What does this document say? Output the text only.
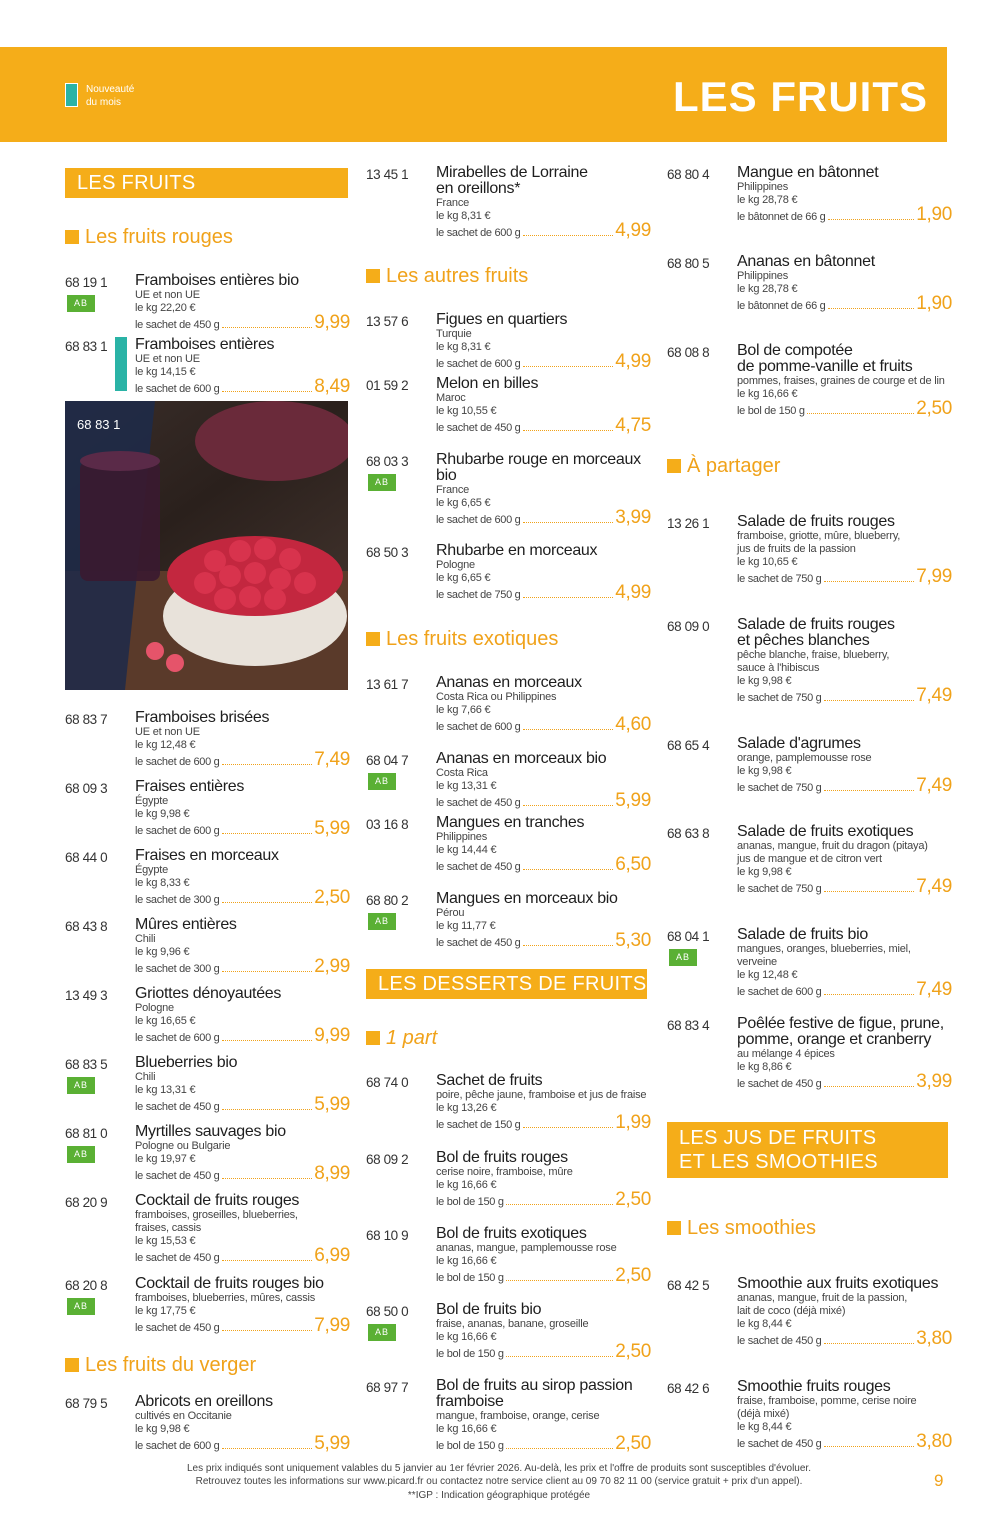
Nouveauté
du mois	LES FRUITS
LES FRUITS
Les fruits rouges
68 19 1
AB
Framboises entières bio
UE et non UE
le kg 22,20 €
le sachet de 450 g	9,99
68 83 1 Framboises entières
UE et non UE
le kg 14,15 €
le sachet de 600 g	8,49
68 83 7 Framboises brisées
UE et non UE
le kg 12,48 €
le sachet de 600 g	7,49
68 09 3 Fraises entières
Égypte
le kg 9,98 €
le sachet de 600 g	5,99
68 44 0 Fraises en morceaux
Égypte
le kg 8,33 €
le sachet de 300 g	2,50
68 43 8 Mûres entières
Chili
le kg 9,96 €
le sachet de 300 g	2,99
13 49 3 Griottes dénoyautées
Pologne
le kg 16,65 €
le sachet de 600 g	9,99
68 83 5
AB
Blueberries bio
Chili
le kg 13,31 €
le sachet de 450 g	5,99
68 81 0
AB
Myrtilles sauvages bio
Pologne ou Bulgarie
le kg 19,97 €
le sachet de 450 g	8,99
68 20 9 Cocktail de fruits rouges
framboises, groseilles, blueberries,
fraises, cassis
le kg 15,53 €
le sachet de 450 g	6,99
68 20 8
AB
Cocktail de fruits rouges bio
framboises, blueberries, mûres, cassis
le kg 17,75 €
le sachet de 450 g	7,99
68 83 1
Les fruits du verger
68 79 5 Abricots en oreillons
cultivés en Occitanie
le kg 9,98 €
le sachet de 600 g	5,99
13 45 1 Mirabelles de Lorraine
en oreillons*
France
le kg 8,31 €
le sachet de 600 g	4,99
Les autres fruits
13 57 6 Figues en quartiers
Turquie
le kg 8,31 €
le sachet de 600 g	4,99
01 59 2 Melon en billes
Maroc
le kg 10,55 €
le sachet de 450 g	4,75
68 03 3
AB
Rhubarbe rouge en morceaux
bio
France
le kg 6,65 €
le sachet de 600 g	3,99
68 50 3 Rhubarbe en morceaux
Pologne
le kg 6,65 €
le sachet de 750 g	4,99
Les fruits exotiques
13 61 7 Ananas en morceaux
Costa Rica ou Philippines
le kg 7,66 €
le sachet de 600 g	4,60
68 04 7
AB
Ananas en morceaux bio
Costa Rica
le kg 13,31 €
le sachet de 450 g	5,99
03 16 8 Mangues en tranches
Philippines
le kg 14,44 €
le sachet de 450 g	6,50
68 80 2
AB
Mangues en morceaux bio
Pérou
le kg 11,77 €
le sachet de 450 g	5,30
LES DESSERTS DE FRUITS
1 part
68 74 0 Sachet de fruits
poire, pêche jaune, framboise et jus de fraise
le kg 13,26 €
le sachet de 150 g	1,99
68 09 2 Bol de fruits rouges
cerise noire, framboise, mûre
le kg 16,66 €
le bol de 150 g	2,50
68 10 9 Bol de fruits exotiques
ananas, mangue, pamplemousse rose
le kg 16,66 €
le bol de 150 g	2,50
68 50 0
AB
Bol de fruits bio
fraise, ananas, banane, groseille
le kg 16,66 €
le bol de 150 g	2,50
68 97 7 Bol de fruits au sirop passion
framboise
mangue, framboise, orange, cerise
le kg 16,66 €
le bol de 150 g	2,50
68 80 4 Mangue en bâtonnet
Philippines
le kg 28,78 €
le bâtonnet de 66 g	1,90
68 80 5 Ananas en bâtonnet
Philippines
le kg 28,78 €
le bâtonnet de 66 g	1,90
68 08 8 Bol de compotée
de pomme-vanille et fruits
pommes, fraises, graines de courge et de lin
le kg 16,66 €
le bol de 150 g	2,50
À partager
13 26 1 Salade de fruits rouges
framboise, griotte, mûre, blueberry,
jus de fruits de la passion
le kg 10,65 €
le sachet de 750 g	7,99
68 09 0 Salade de fruits rouges
et pêches blanches
pêche blanche, fraise, blueberry,
sauce à l'hibiscus
le kg 9,98 €
le sachet de 750 g	7,49
68 65 4 Salade d'agrumes
orange, pamplemousse rose
le kg 9,98 €
le sachet de 750 g	7,49
68 63 8 Salade de fruits exotiques
ananas, mangue, fruit du dragon (pitaya)
jus de mangue et de citron vert
le kg 9,98 €
le sachet de 750 g	7,49
68 04 1
AB
Salade de fruits bio
mangues, oranges, blueberries, miel, verveine
le kg 12,48 €
le sachet de 600 g	7,49
68 83 4 Poêlée festive de figue, prune,
pomme, orange et cranberry
au mélange 4 épices
le kg 8,86 €
le sachet de 450 g	3,99
LES JUS DE FRUITS
ET LES SMOOTHIES
Les smoothies
68 42 5 Smoothie aux fruits exotiques
ananas, mangue, fruit de la passion,
lait de coco (déjà mixé)
le kg 8,44 €
le sachet de 450 g	3,80
68 42 6 Smoothie fruits rouges
fraise, framboise, pomme, cerise noire
(déjà mixé)
le kg 8,44 €
le sachet de 450 g	3,80
Les prix indiqués sont uniquement valables du 5 janvier au 1er février 2026. Au-delà, les prix et l'offre de produits sont susceptibles d'évoluer.
Retrouvez toutes les informations sur www.picard.fr ou contactez notre service client au 09 70 82 11 00 (service gratuit + prix d'un appel).
**IGP : Indication géographique protégée
9
